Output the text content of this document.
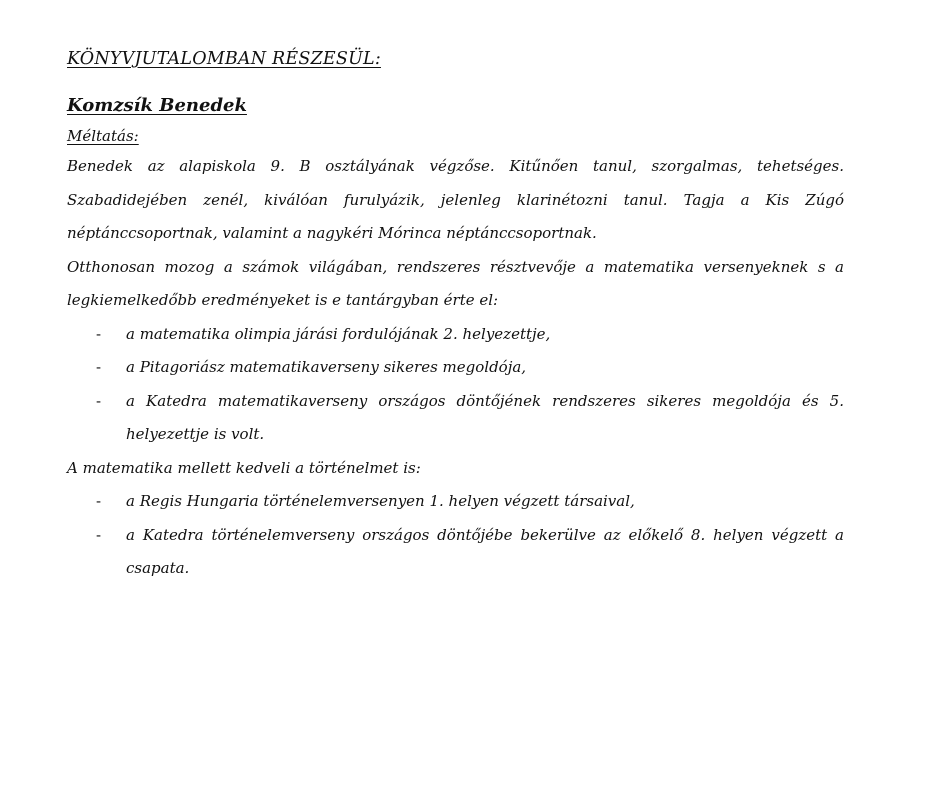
KÖNYVJUTALOMBAN RÉSZESÜL:
Komzsík Benedek
Méltatás:

Benedek az alapiskola 9. B osztályának végzőse. Kitűnően tanul, szorgalmas, tehetséges. Szabadidejében zenél, kiválóan furulyázik, jelenleg klarinétozni tanul. Tagja a Kis Zúgó néptánccsoportnak, valamint a nagykéri Mórinca néptánccsoportnak.

Otthonosan mozog a számok világában, rendszeres résztvevője a matematika versenyeknek s a legkiemelkedőbb eredményeket is e tantárgyban érte el:

- a matematika olimpia járási fordulójának 2. helyezettje,
- a Pitagoriász matematikaverseny sikeres megoldója,
- a Katedra matematikaverseny országos döntőjének rendszeres sikeres megoldója és 5. helyezettje is volt.

A matematika mellett kedveli a történelmet is:

- a Regis Hungaria történelemversenyen 1. helyen végzett társaival,
- a Katedra történelemverseny országos döntőjébe bekerülve az előkelő 8. helyen végzett a csapata.
